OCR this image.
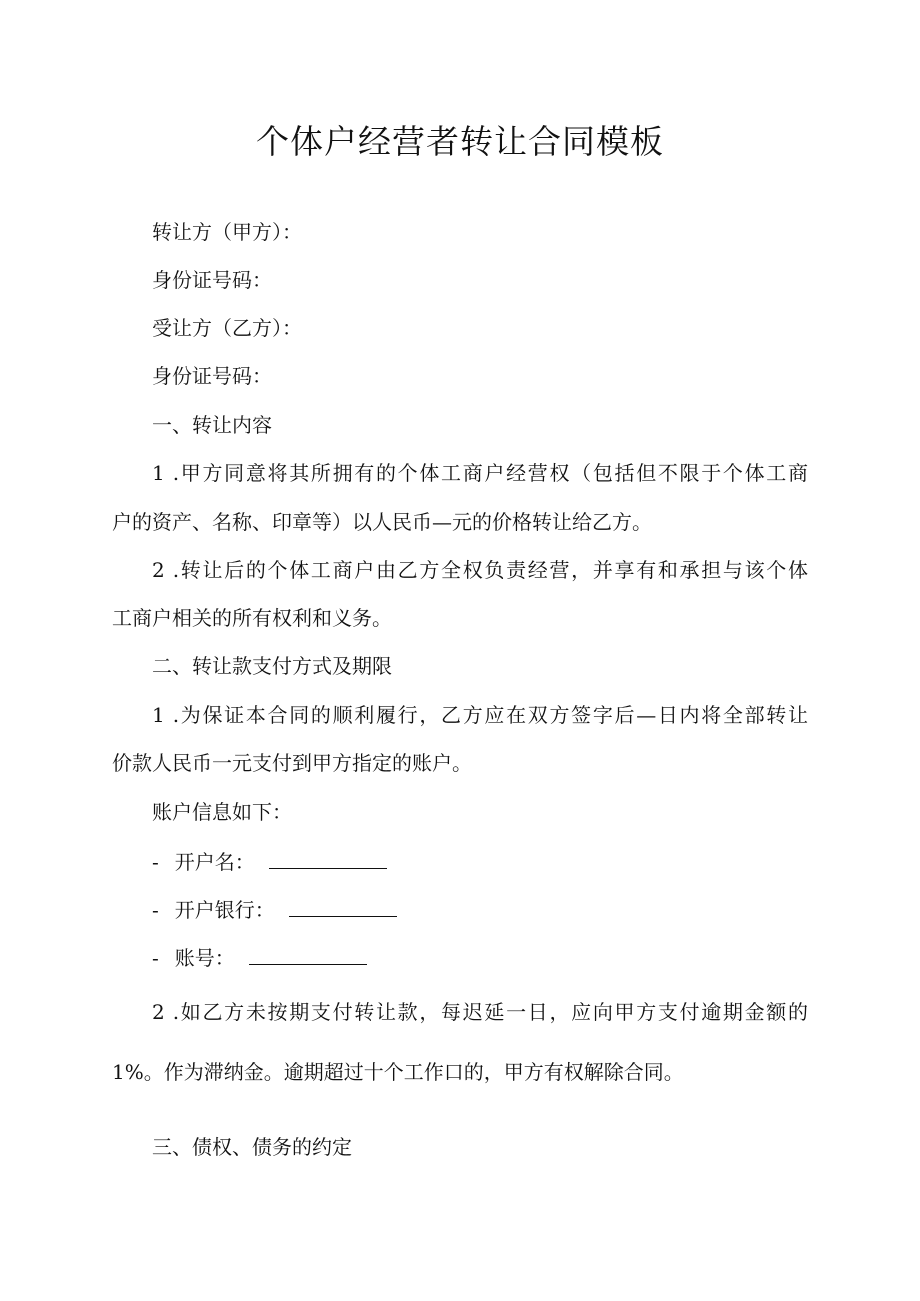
个体户经营者转让合同模板
转让方（甲方）：
身份证号码：
受让方（乙方）：
身份证号码：
一、转让内容
1 .甲方同意将其所拥有的个体工商户经营权（包括但不限于个体工商
户的资产、名称、印章等）以人民币—元的价格转让给乙方。
2 .转让后的个体工商户由乙方全权负责经营，并享有和承担与该个体
工商户相关的所有权利和义务。
二、转让款支付方式及期限
1 .为保证本合同的顺利履行，乙方应在双方签字后—日内将全部转让
价款人民币一元支付到甲方指定的账户。
账户信息如下：
- 开户名：
- 开户银行：
- 账号：
2 .如乙方未按期支付转让款，每迟延一日，应向甲方支付逾期金额的
1%。作为滞纳金。逾期超过十个工作口的，甲方有权解除合同。
三、债权、债务的约定
